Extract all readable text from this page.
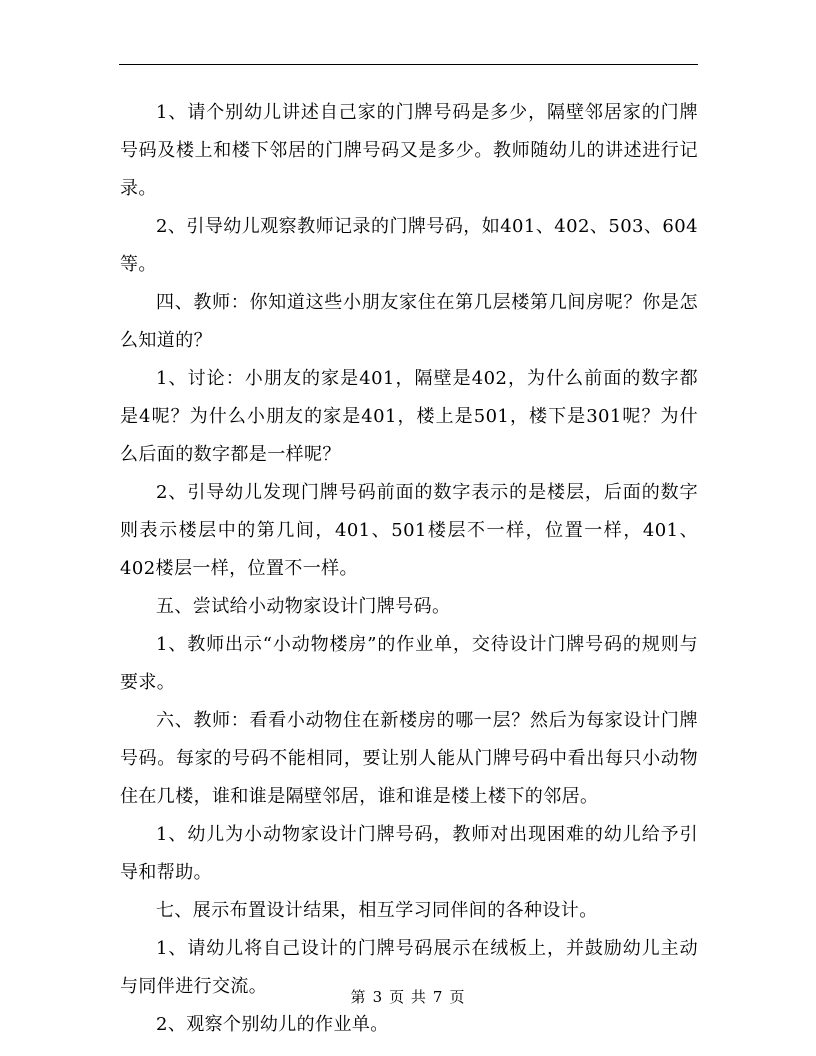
1、请个别幼儿讲述自己家的门牌号码是多少，隔壁邻居家的门牌号码及楼上和楼下邻居的门牌号码又是多少。教师随幼儿的讲述进行记录。

2、引导幼儿观察教师记录的门牌号码，如401、402、503、604等。

四、教师：你知道这些小朋友家住在第几层楼第几间房呢？你是怎么知道的？

1、讨论：小朋友的家是401，隔壁是402，为什么前面的数字都是4呢？为什么小朋友的家是401，楼上是501，楼下是301呢？为什么后面的数字都是一样呢？

2、引导幼儿发现门牌号码前面的数字表示的是楼层，后面的数字则表示楼层中的第几间，401、501楼层不一样，位置一样，401、402楼层一样，位置不一样。

五、尝试给小动物家设计门牌号码。

1、教师出示“小动物楼房”的作业单，交待设计门牌号码的规则与要求。

六、教师：看看小动物住在新楼房的哪一层？然后为每家设计门牌号码。每家的号码不能相同，要让别人能从门牌号码中看出每只小动物住在几楼，谁和谁是隔壁邻居，谁和谁是楼上楼下的邻居。

1、幼儿为小动物家设计门牌号码，教师对出现困难的幼儿给予引导和帮助。

七、展示布置设计结果，相互学习同伴间的各种设计。

1、请幼儿将自己设计的门牌号码展示在绒板上，并鼓励幼儿主动与同伴进行交流。

2、观察个别幼儿的作业单。

第 3 页 共 7 页
